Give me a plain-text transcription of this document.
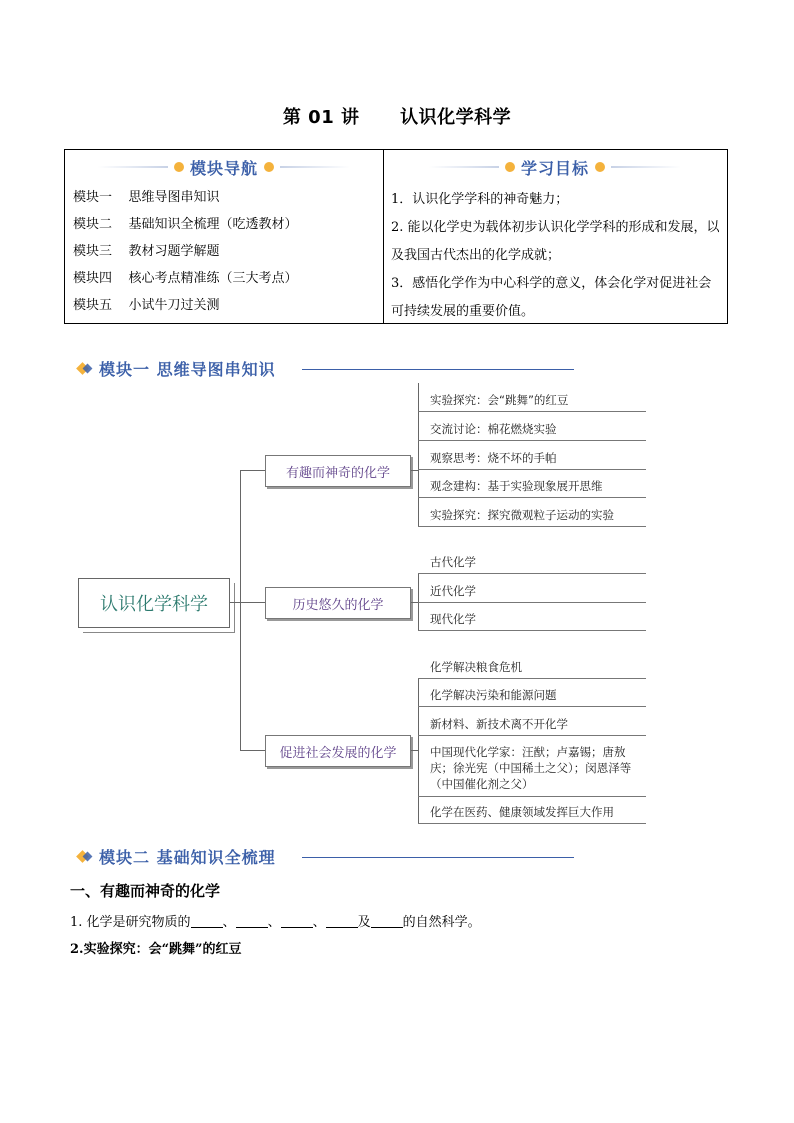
第 01 讲      认识化学科学
模块导航	学习目标
模块一 思维导图串知识
模块二 基础知识全梳理（吃透教材）
模块三 教材习题学解题
模块四 核心考点精准练（三大考点）
模块五 小试牛刀过关测
1．认识化学学科的神奇魅力；
2. 能以化学史为载体初步认识化学学科的形成和发展，以及我国古代杰出的化学成就；
3．感悟化学作为中心科学的意义，体会化学对促进社会可持续发展的重要价值。
模块一 思维导图串知识
认识化学科学
有趣而神奇的化学
历史悠久的化学
促进社会发展的化学
实验探究：会“跳舞”的红豆
交流讨论：棉花燃烧实验
观察思考：烧不坏的手帕
观念建构：基于实验现象展开思维
实验探究：探究微观粒子运动的实验
古代化学
近代化学
现代化学
化学解决粮食危机
化学解决污染和能源问题
新材料、新技术离不开化学
中国现代化学家：汪猷；卢嘉锡；唐敖庆；徐光宪（中国稀土之父）；闵恩泽等（中国催化剂之父）
化学在医药、健康领域发挥巨大作用
模块二 基础知识全梳理
一、有趣而神奇的化学
1. 化学是研究物质的 、 、 、 及 的自然科学。
2.实验探究：会“跳舞”的红豆
